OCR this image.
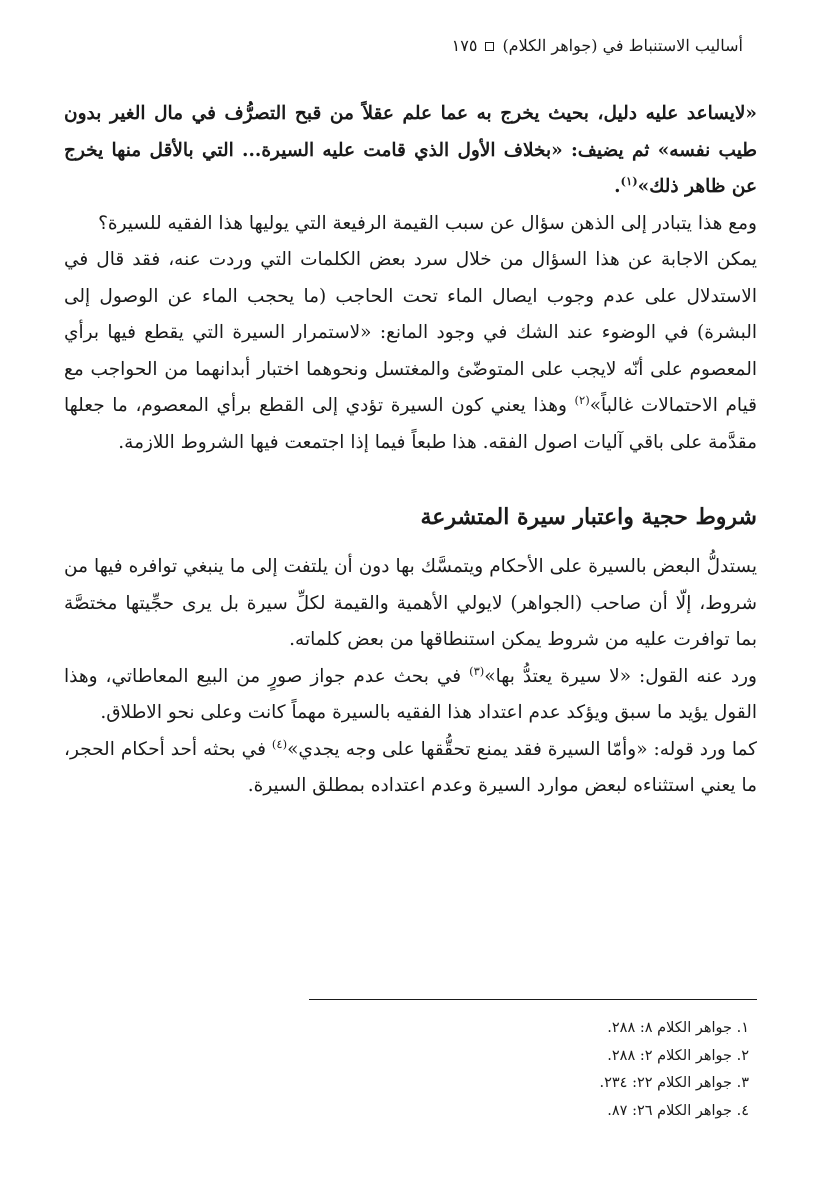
أساليب الاستنباط في (جواهر الكلام)
١٧٥

«لايساعد عليه دليل، بحيث يخرج به عما علم عقلاً من قبح التصرُّف في مال الغير بدون طيب نفسه» ثم يضيف: «بخلاف الأول الذي قامت عليه السيرة... التي بالأقل منها يخرج عن ظاهر ذلك»$^{(١)}$.

ومع هذا يتبادر إلى الذهن سؤال عن سبب القيمة الرفيعة التي يوليها هذا الفقيه للسيرة؟

يمكن الاجابة عن هذا السؤال من خلال سرد بعض الكلمات التي وردت عنه، فقد قال في الاستدلال على عدم وجوب ايصال الماء تحت الحاجب (ما يحجب الماء عن الوصول إلى البشرة) في الوضوء عند الشك في وجود المانع: «لاستمرار السيرة التي يقطع فيها برأي المعصوم على أنّه لايجب على المتوضّئ والمغتسل ونحوهما اختبار أبدانهما من الحواجب مع قيام الاحتمالات غالباً»$^{(٢)}$ وهذا يعني كون السيرة تؤدي إلى القطع برأي المعصوم، ما جعلها مقدَّمة على باقي آليات اصول الفقه. هذا طبعاً فيما إذا اجتمعت فيها الشروط اللازمة.

شروط حجية واعتبار سيرة المتشرعة

يستدلُّ البعض بالسيرة على الأحكام ويتمسَّك بها دون أن يلتفت إلى ما ينبغي توافره فيها من شروط، إلّا أن صاحب (الجواهر) لايولي الأهمية والقيمة لكلِّ سيرة بل يرى حجِّيتها مختصَّة بما توافرت عليه من شروط يمكن استنطاقها من بعض كلماته.

ورد عنه القول: «لا سيرة يعتدُّ بها»$^{(٣)}$ في بحث عدم جواز صورٍ من البيع المعاطاتي، وهذا القول يؤيد ما سبق ويؤكد عدم اعتداد هذا الفقيه بالسيرة مهماً كانت وعلى نحو الاطلاق.

كما ورد قوله: «وأمّا السيرة فقد يمنع تحقُّقها على وجه يجدي»$^{(٤)}$ في بحثه أحد أحكام الحجر، ما يعني استثناءه لبعض موارد السيرة وعدم اعتداده بمطلق السيرة.

١. جواهر الكلام ٨: ٢٨٨.
٢. جواهر الكلام ٢: ٢٨٨.
٣. جواهر الكلام ٢٢: ٢٣٤.
٤. جواهر الكلام ٢٦: ٨٧.
